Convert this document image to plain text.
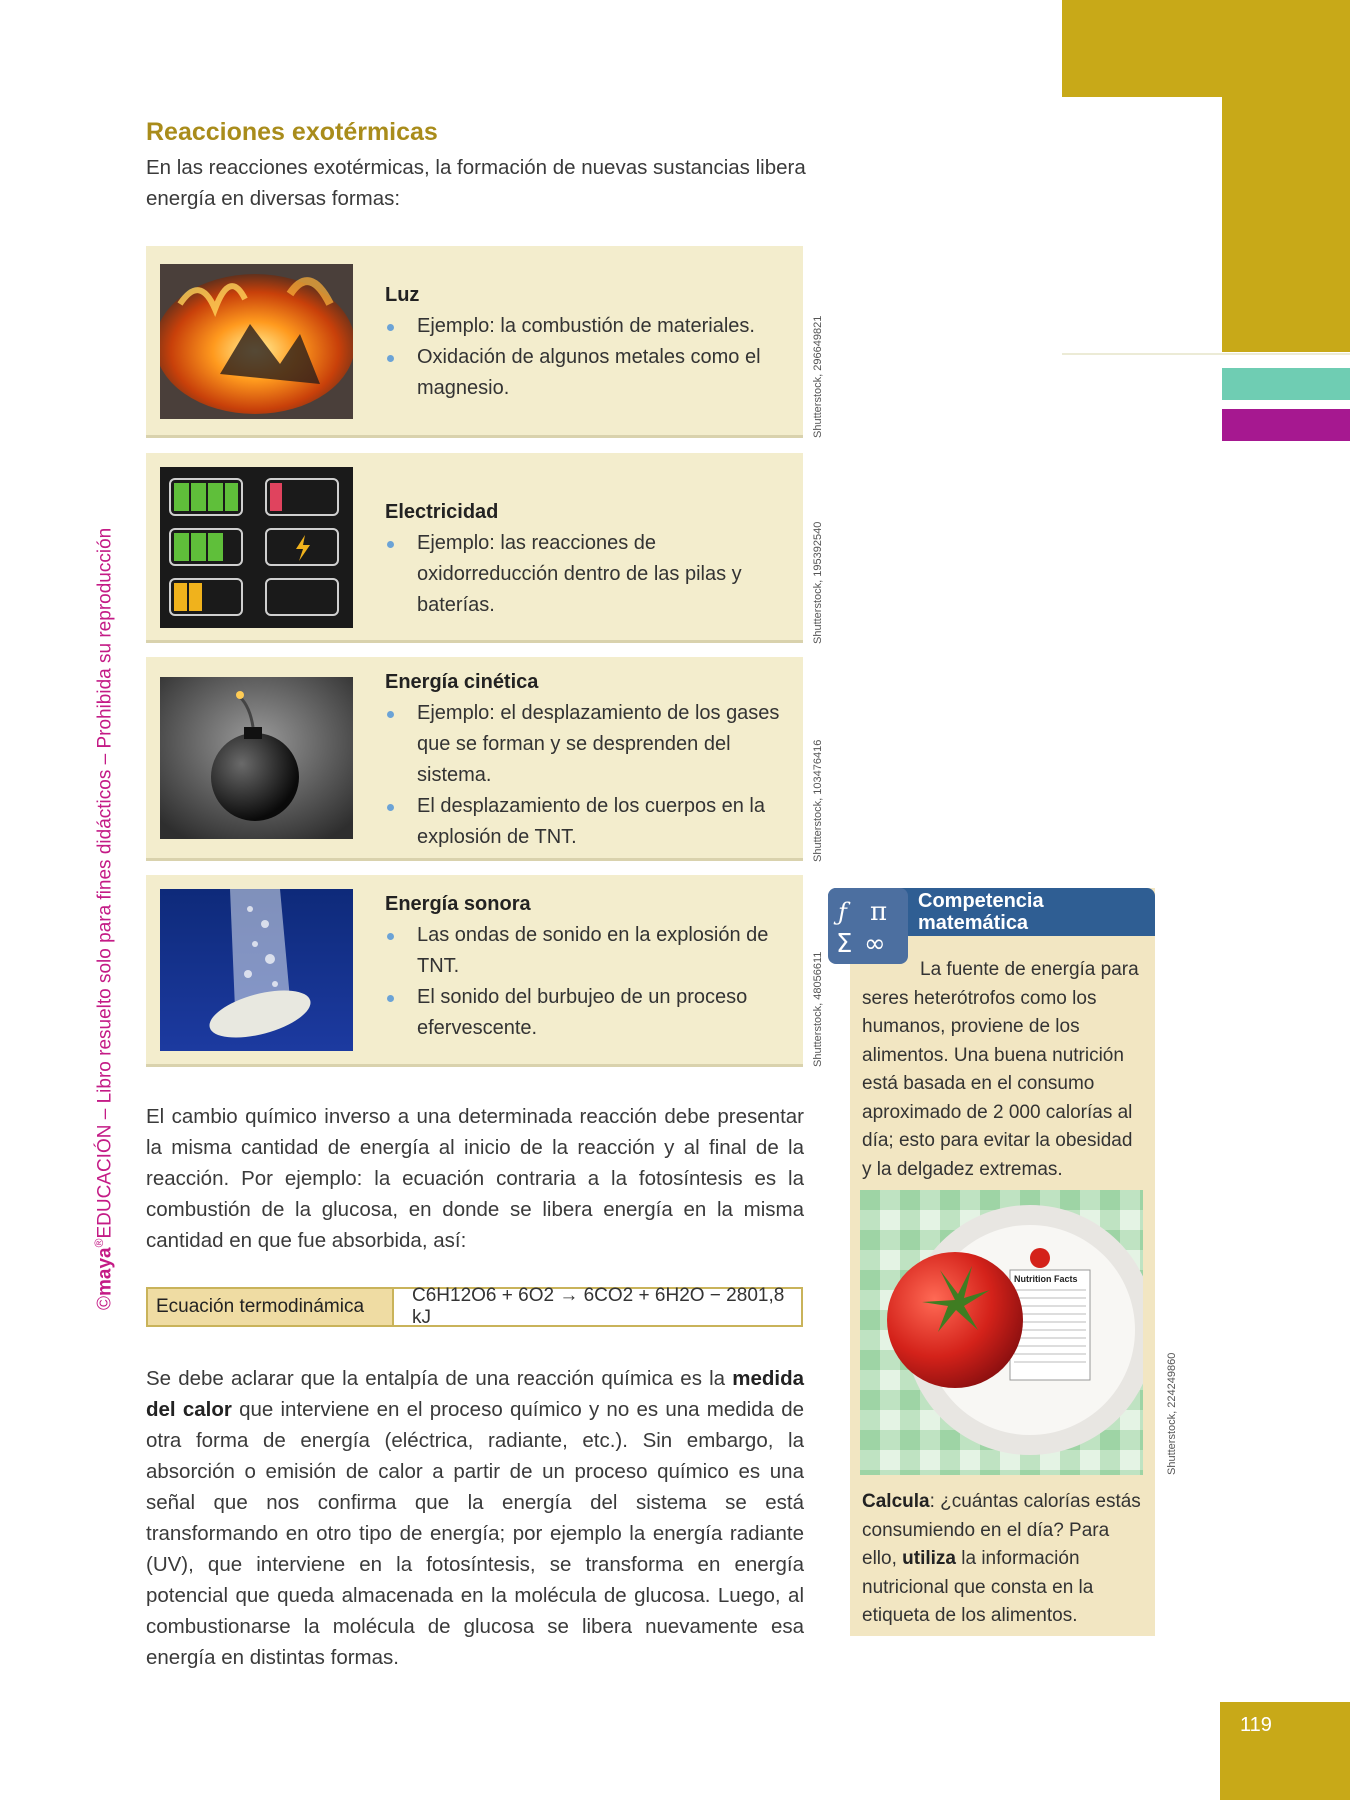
©maya®EDUCACIÓN – Libro resuelto solo para fines didácticos – Prohibida su reproducción
Reacciones exotérmicas
En las reacciones exotérmicas, la formación de nuevas sustancias libera energía en diversas formas:
Luz
Ejemplo: la combustión de materiales.
Oxidación de algunos metales como el magnesio.	Shutterstock, 296649821
Electricidad
Ejemplo: las reacciones de oxidorreducción dentro de las pilas y baterías.	Shutterstock, 195392540
Energía cinética
Ejemplo: el desplazamiento de los gases que se forman y se desprenden del sistema.
El desplazamiento de los cuerpos en la explosión de TNT.	Shutterstock, 103476416
Energía sonora
Las ondas de sonido en la explosión de TNT.
El sonido del burbujeo de un proceso efervescente.	Shutterstock, 48056611
El cambio químico inverso a una determinada reacción debe presentar la misma cantidad de energía al inicio de la reacción y al final de la reacción. Por ejemplo: la ecuación contraria a la fotosíntesis es la combustión de la glucosa, en donde se libera energía en la misma cantidad en que fue absorbida, así:
Ecuación termodinámica
C6H12O6 + 6O2 → 6CO2 + 6H2O − 2801,8 kJ
Se debe aclarar que la entalpía de una reacción química es la medida del calor que interviene en el proceso químico y no es una medida de otra forma de energía (eléctrica, radiante, etc.). Sin embargo, la absorción o emisión de calor a partir de un proceso químico es una señal que nos confirma que la energía del sistema se está transformando en otro tipo de energía; por ejemplo la energía radiante (UV), que interviene en la fotosíntesis, se transforma en energía potencial que queda almacenada en la molécula de glucosa. Luego, al combustionarse la molécula de glucosa se libera nuevamente esa energía en distintas formas.
ƒ π
Σ ∞
Competencia
matemática
La fuente de energía para seres heterótrofos como los humanos, proviene de los alimentos. Una buena nutrición está basada en el consumo aproximado de 2 000 calorías al día; esto para evitar la obesidad y la delgadez extremas.
Nutrition Facts
Shutterstock, 224249860
Calcula: ¿cuántas calorías estás consumiendo en el día? Para ello, utiliza la información nutricional que consta en la etiqueta de los alimentos.
119
